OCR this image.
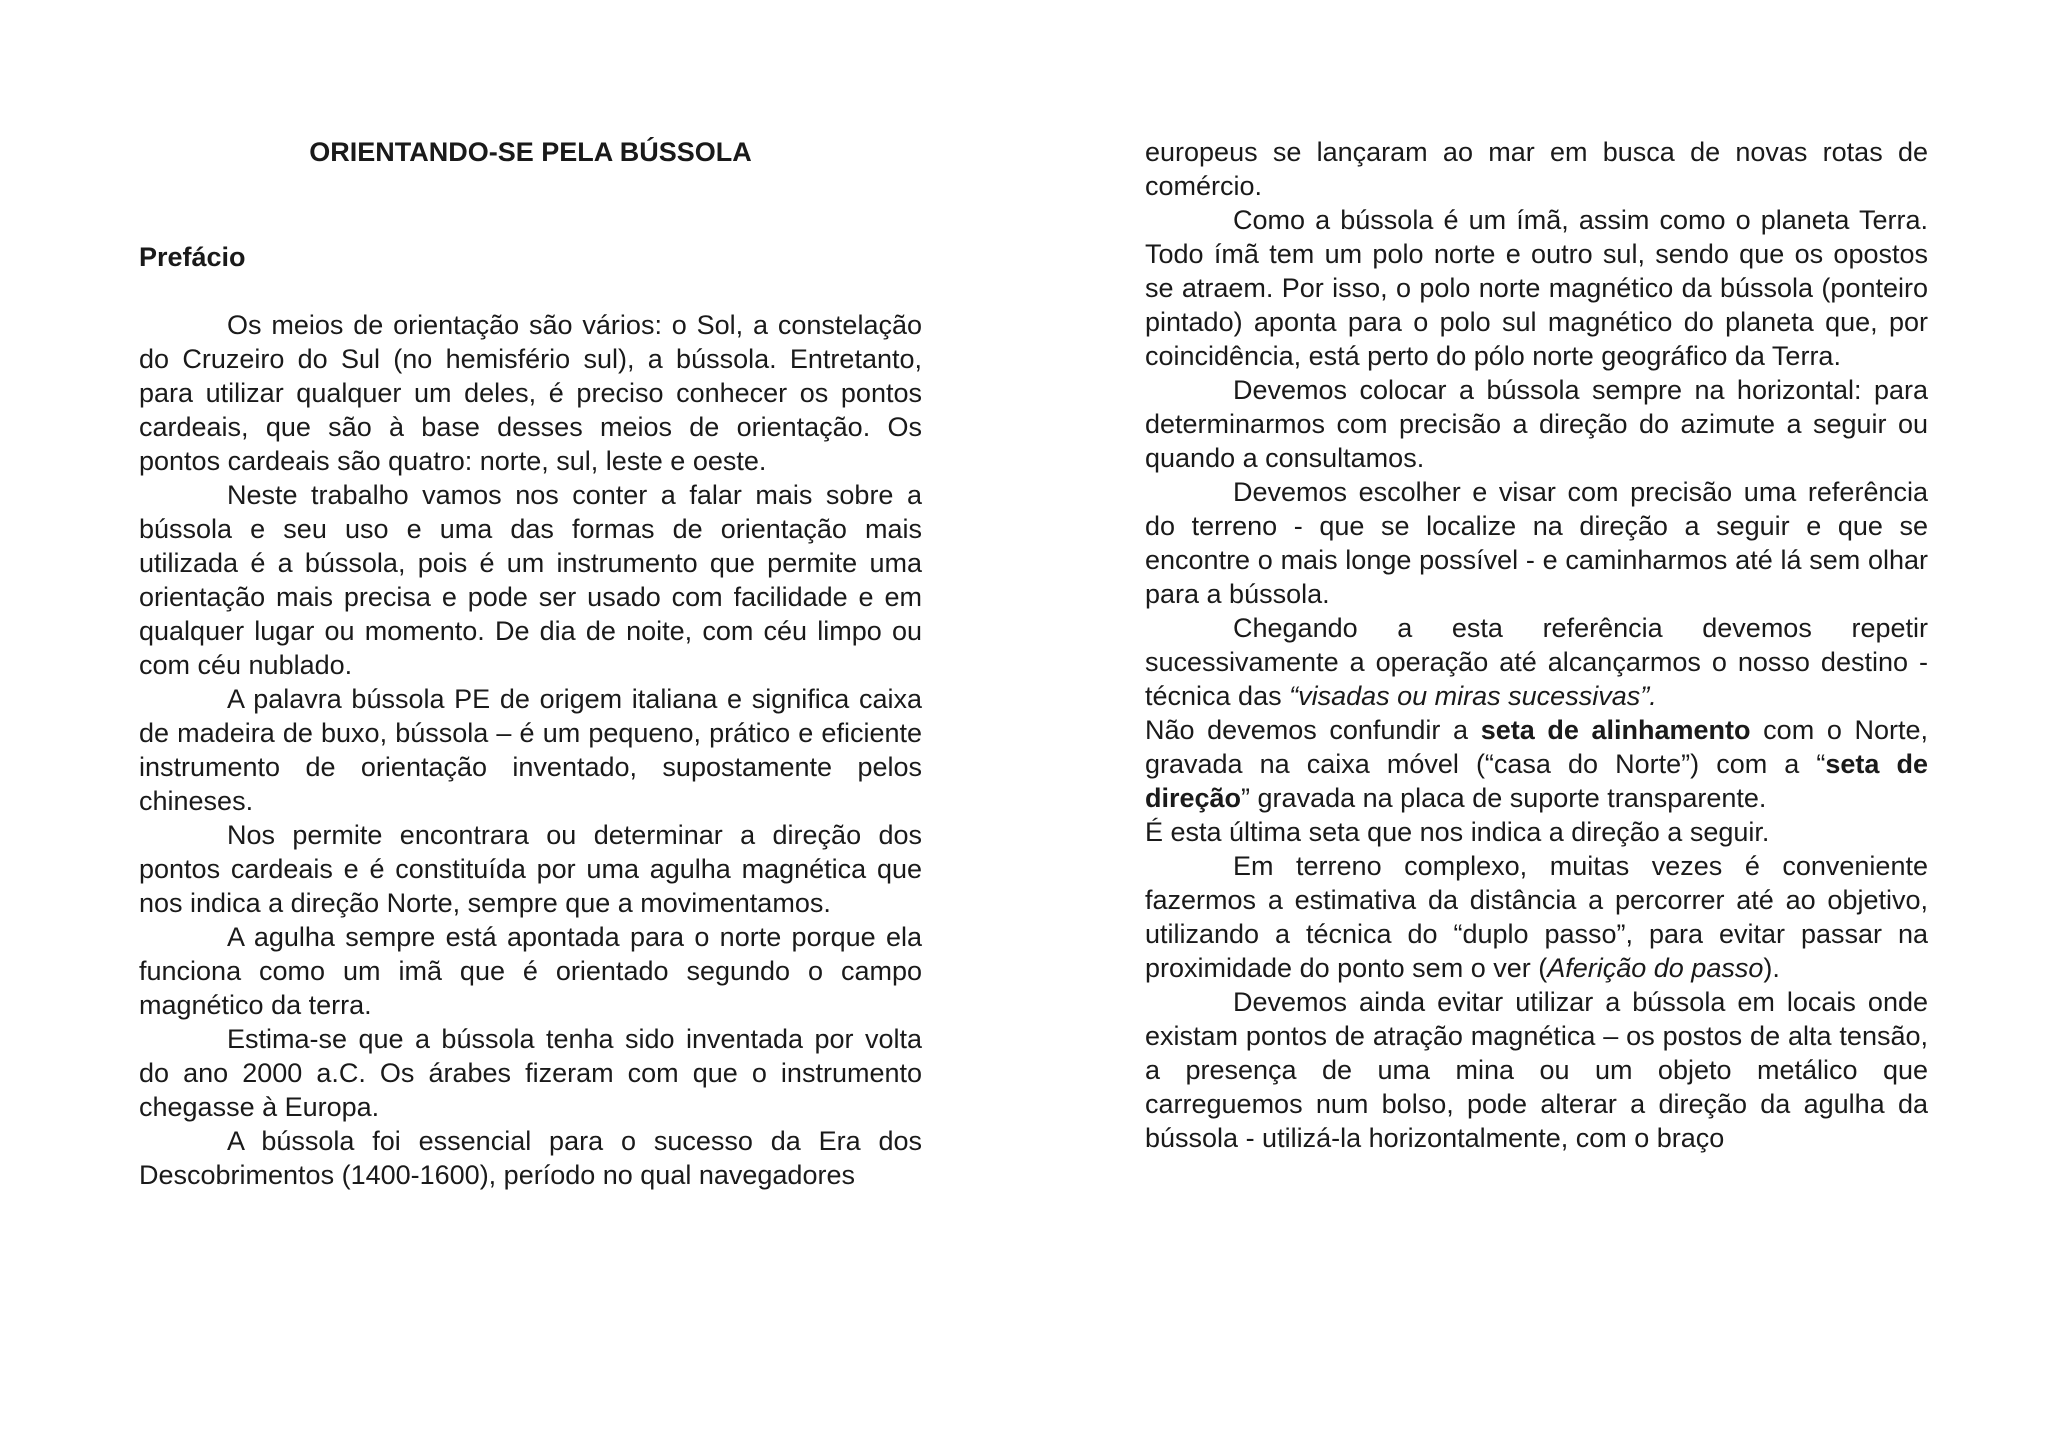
ORIENTANDO-SE PELA BÚSSOLA
Prefácio

Os meios de orientação são vários: o Sol, a constelação do Cruzeiro do Sul (no hemisfério sul), a bússola. Entretanto, para utilizar qualquer um deles, é preciso conhecer os pontos cardeais, que são à base desses meios de orientação. Os pontos cardeais são quatro: norte, sul, leste e oeste.

Neste trabalho vamos nos conter a falar mais sobre a bússola e seu uso e uma das formas de orientação mais utilizada é a bússola, pois é um instrumento que permite uma orientação mais precisa e pode ser usado com facilidade e em qualquer lugar ou momento. De dia de noite, com céu limpo ou com céu nublado.

A palavra bússola PE de origem italiana e significa caixa de madeira de buxo, bússola – é um pequeno, prático e eficiente instrumento de orientação inventado, supostamente pelos chineses.

Nos permite encontrara ou determinar a direção dos pontos cardeais e é constituída por uma agulha magnética que nos indica a direção Norte, sempre que a movimentamos.

A agulha sempre está apontada para o norte porque ela funciona como um imã que é orientado segundo o campo magnético da terra.

Estima-se que a bússola tenha sido inventada por volta do ano 2000 a.C. Os árabes fizeram com que o instrumento chegasse à Europa.

A bússola foi essencial para o sucesso da Era dos Descobrimentos (1400-1600), período no qual navegadores

europeus se lançaram ao mar em busca de novas rotas de comércio.

Como a bússola é um ímã, assim como o planeta Terra. Todo ímã tem um polo norte e outro sul, sendo que os opostos se atraem. Por isso, o polo norte magnético da bússola (ponteiro pintado) aponta para o polo sul magnético do planeta que, por coincidência, está perto do pólo norte geográfico da Terra.

Devemos colocar a bússola sempre na horizontal: para determinarmos com precisão a direção do azimute a seguir ou quando a consultamos.

Devemos escolher e visar com precisão uma referência do terreno - que se localize na direção a seguir e que se encontre o mais longe possível - e caminharmos até lá sem olhar para a bússola.

Chegando a esta referência devemos repetir sucessivamente a operação até alcançarmos o nosso destino - técnica das “visadas ou miras sucessivas”.

Não devemos confundir a seta de alinhamento com o Norte, gravada na caixa móvel (“casa do Norte”) com a “seta de direção” gravada na placa de suporte transparente.

É esta última seta que nos indica a direção a seguir.

Em terreno complexo, muitas vezes é conveniente fazermos a estimativa da distância a percorrer até ao objetivo, utilizando a técnica do “duplo passo”, para evitar passar na proximidade do ponto sem o ver (Aferição do passo).

Devemos ainda evitar utilizar a bússola em locais onde existam pontos de atração magnética – os postos de alta tensão, a presença de uma mina ou um objeto metálico que carreguemos num bolso, pode alterar a direção da agulha da bússola - utilizá-la horizontalmente, com o braço
